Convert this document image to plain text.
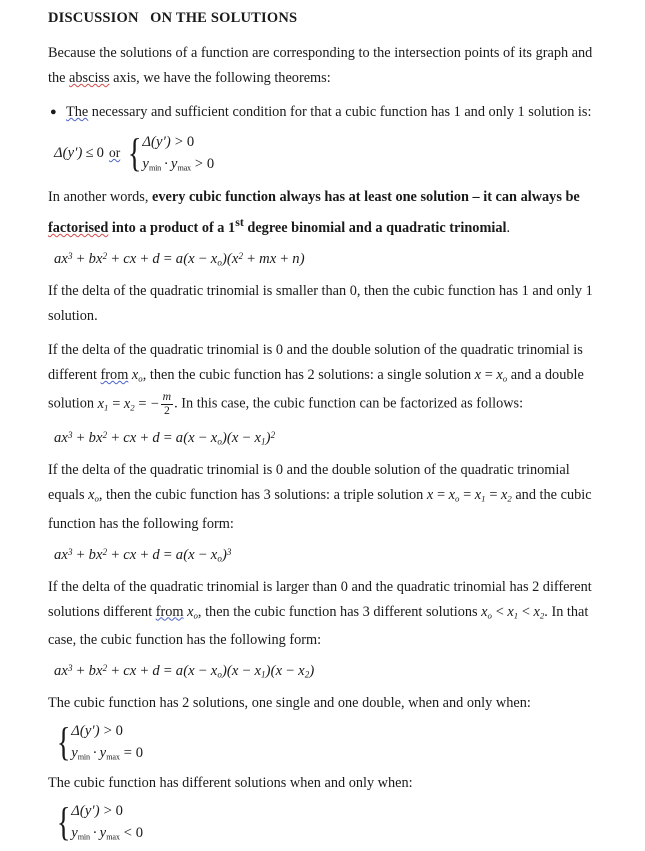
DISCUSSION   ON THE SOLUTIONS

Because the solutions of a function are corresponding to the intersection points of its graph and the absciss axis, we have the following theorems:

● The necessary and sufficient condition for that a cubic function has 1 and only 1 solution is:
Δ(y′) ≤ 0 or { Δ(y′) > 0
$y_{min} \cdot y_{max} > 0$

In another words, every cubic function always has at least one solution – it can always be factorised into a product of a 1st degree binomial and a quadratic trinomial.

$ax^3 + bx^2$ + cx + $d = a(x - x_o)(x^2$ + mx + n)

If the delta of the quadratic trinomial is smaller than 0, then the cubic function has 1 and only 1 solution.

If the delta of the quadratic trinomial is 0 and the double solution of the quadratic trinomial is different from $x_o$, then the cubic function has 2 solutions: a single solution $x = x_o$ and a double solution $x_1 = x_2$ = − $\frac{m}{2}$ . In this case, the cubic function can be factorized as follows:

$ax^3 + bx^2$ + cx + $d = a(x - x_o)(x - x_1)^2$

If the delta of the quadratic trinomial is 0 and the double solution of the quadratic trinomial equals $x_o$, then the cubic function has 3 solutions: a triple solution $x = x_o = x_1 = x_2$ and the cubic function has the following form:

$ax^3 + bx^2$ + cx + $d = a(x - x_o)^3$

If the delta of the quadratic trinomial is larger than 0 and the quadratic trinomial has 2 different solutions different from $x_o$, then the cubic function has 3 different solutions $x_o < x_1 < x_2$. In that case, the cubic function has the following form:

$ax^3 + bx^2$ + cx + $d = a(x - x_o)(x - x_1)(x - x_2)$

The cubic function has 2 solutions, one single and one double, when and only when:

{ Δ(y′) > 0
$y_{min} \cdot y_{max} = 0$

The cubic function has different solutions when and only when:

{ Δ(y′) > 0
$y_{min} \cdot y_{max} < 0$
